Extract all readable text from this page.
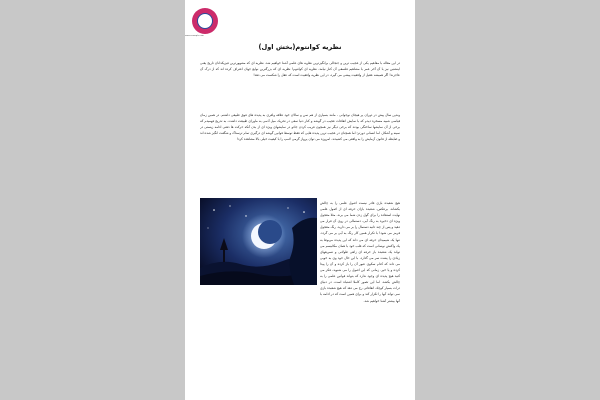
www.example.com
نظریه کوانتوم(بخش اول)

در این مقاله با مفاهیم یکی از عجیب ترین و جنجالی برانگیزترین نظریه های علمی آشنا خواهیم شد. نظریه ای که مشهورترین فیزیکدانان تاریخ یعنی اینشتین نیز با آن آخر عمر با مشاهیم فلسفی آن کنار نیامد. نظریه ای کوانتوم! نظریه ای که بزرگترین نوابغ جهان اعتراف کرده اند که از درک آن عاجزند! اگر همیشه عقیل از واقعیت پیشی می گیرد، در این نظریه واقعیت است که عقل را شکست می دهد!

وندین سال پیش در دوران پر هیجان نوجوانی ، مانند بسیاری از هم سن و سالان خود علاقه وافری به پدیده های فوق طبیعی داشتم. در همین زمان قیاسی شبیه مسخره دیدم که با نمایش اتفاقات عجیب در گوشه و کنار دنیا سعی در تحریک میل آدمی به ماورای طبیعت داشت. به تدریج فهمیدم که برخی از آن نمایشها ساختگی بودند که برخی دیگر نیز همچون فریب کردن جادو در نمایشهای ویژه ای از بدن آنکه حرکت ها ذهنی ادامه زیستی در سینه و آشکار، اما انسانی دورتر؛ اما همچنان در عجیب ترین پدیده هایی که فقط توسط قوانین گوشه ای درگیری تمام ترسناک و شگفت انگیز شده اند و ضابطه از قانون آزمایش را به واقعی می کشیدند. امروزه می توان پرواز گرمی لامپ را با کیفیت خیلی بالا مشاهده کرد!

هیچ شعبده بازی قادر نیست اصول علمی را به چالش بکشاند. برعکس، شعبده بازان حرفه ای از اصول علمی نهایت استفاده را برای گول زدن شما می برند. مثلا معجول ویژه ای ذخیره به رنگ آبی، دستمالی در روی آن قرار می دهید و پس از چند ثانیه دستمال را بر می دارید. رنگ معجول قرمز می شود! با تکرار همین کار رنگ به آبی بر می گردد. تنها یک شیمیدان حرفه ای می داند که این پدیده مربوط به یک واکنش نوسانی است که قلب خود با همان مکانیسم می تواند یک شعبده باز حرفه ای زاهی طولانی و تسریعهای زیادی را پشت سر می گذارد. با این حال خود وی به خوبی می داند که کدام سکوی عبور آن را باز کرده و آن را پیدا کرده و یا خیر. زمانی که این اصول را می شنوید، فکر می کنید هیچ پدیده ای وجود ندارد که بتواند قوانین علمی را به چالش بکشد. اما این تصور کاملا اشتباه است. در دنیای ذرات بسیار کوچک اتفاقاتی رخ می دهد که هیچ شعبده بازی نمی تواند آنها را تکرار کند و برای همین است که در ادامه با آنها بیشتر آشنا خواهیم شد.
